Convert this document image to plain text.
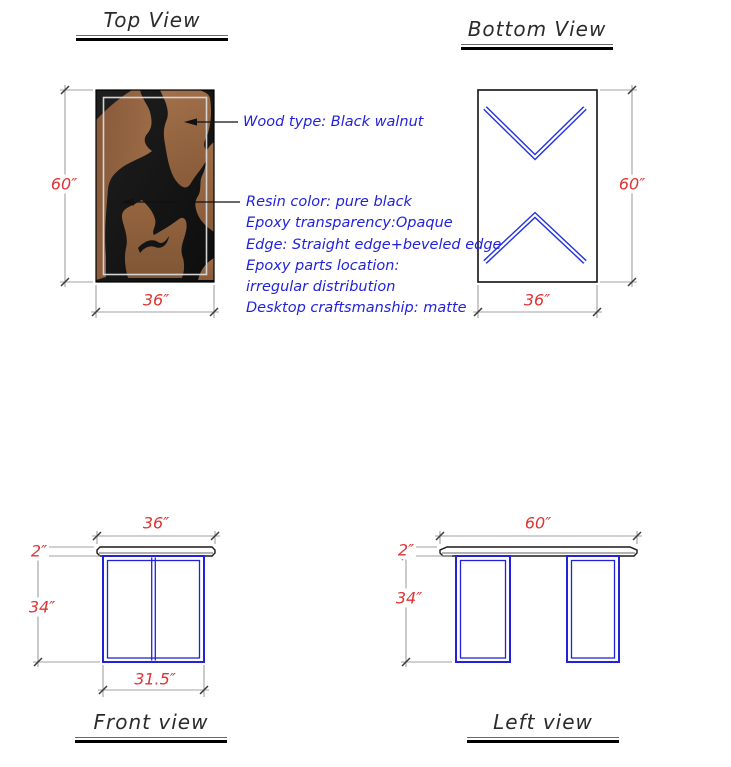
Top View	Bottom View
Front view	Left view
60″
36″
60″
36″
36″
2″
34″
31.5″
60″
2″
34″
Wood type: Black walnut
Resin color: pure black
Epoxy transparency:Opaque
Edge: Straight edge+beveled edge
Epoxy parts location:
irregular distribution
Desktop craftsmanship: matte
